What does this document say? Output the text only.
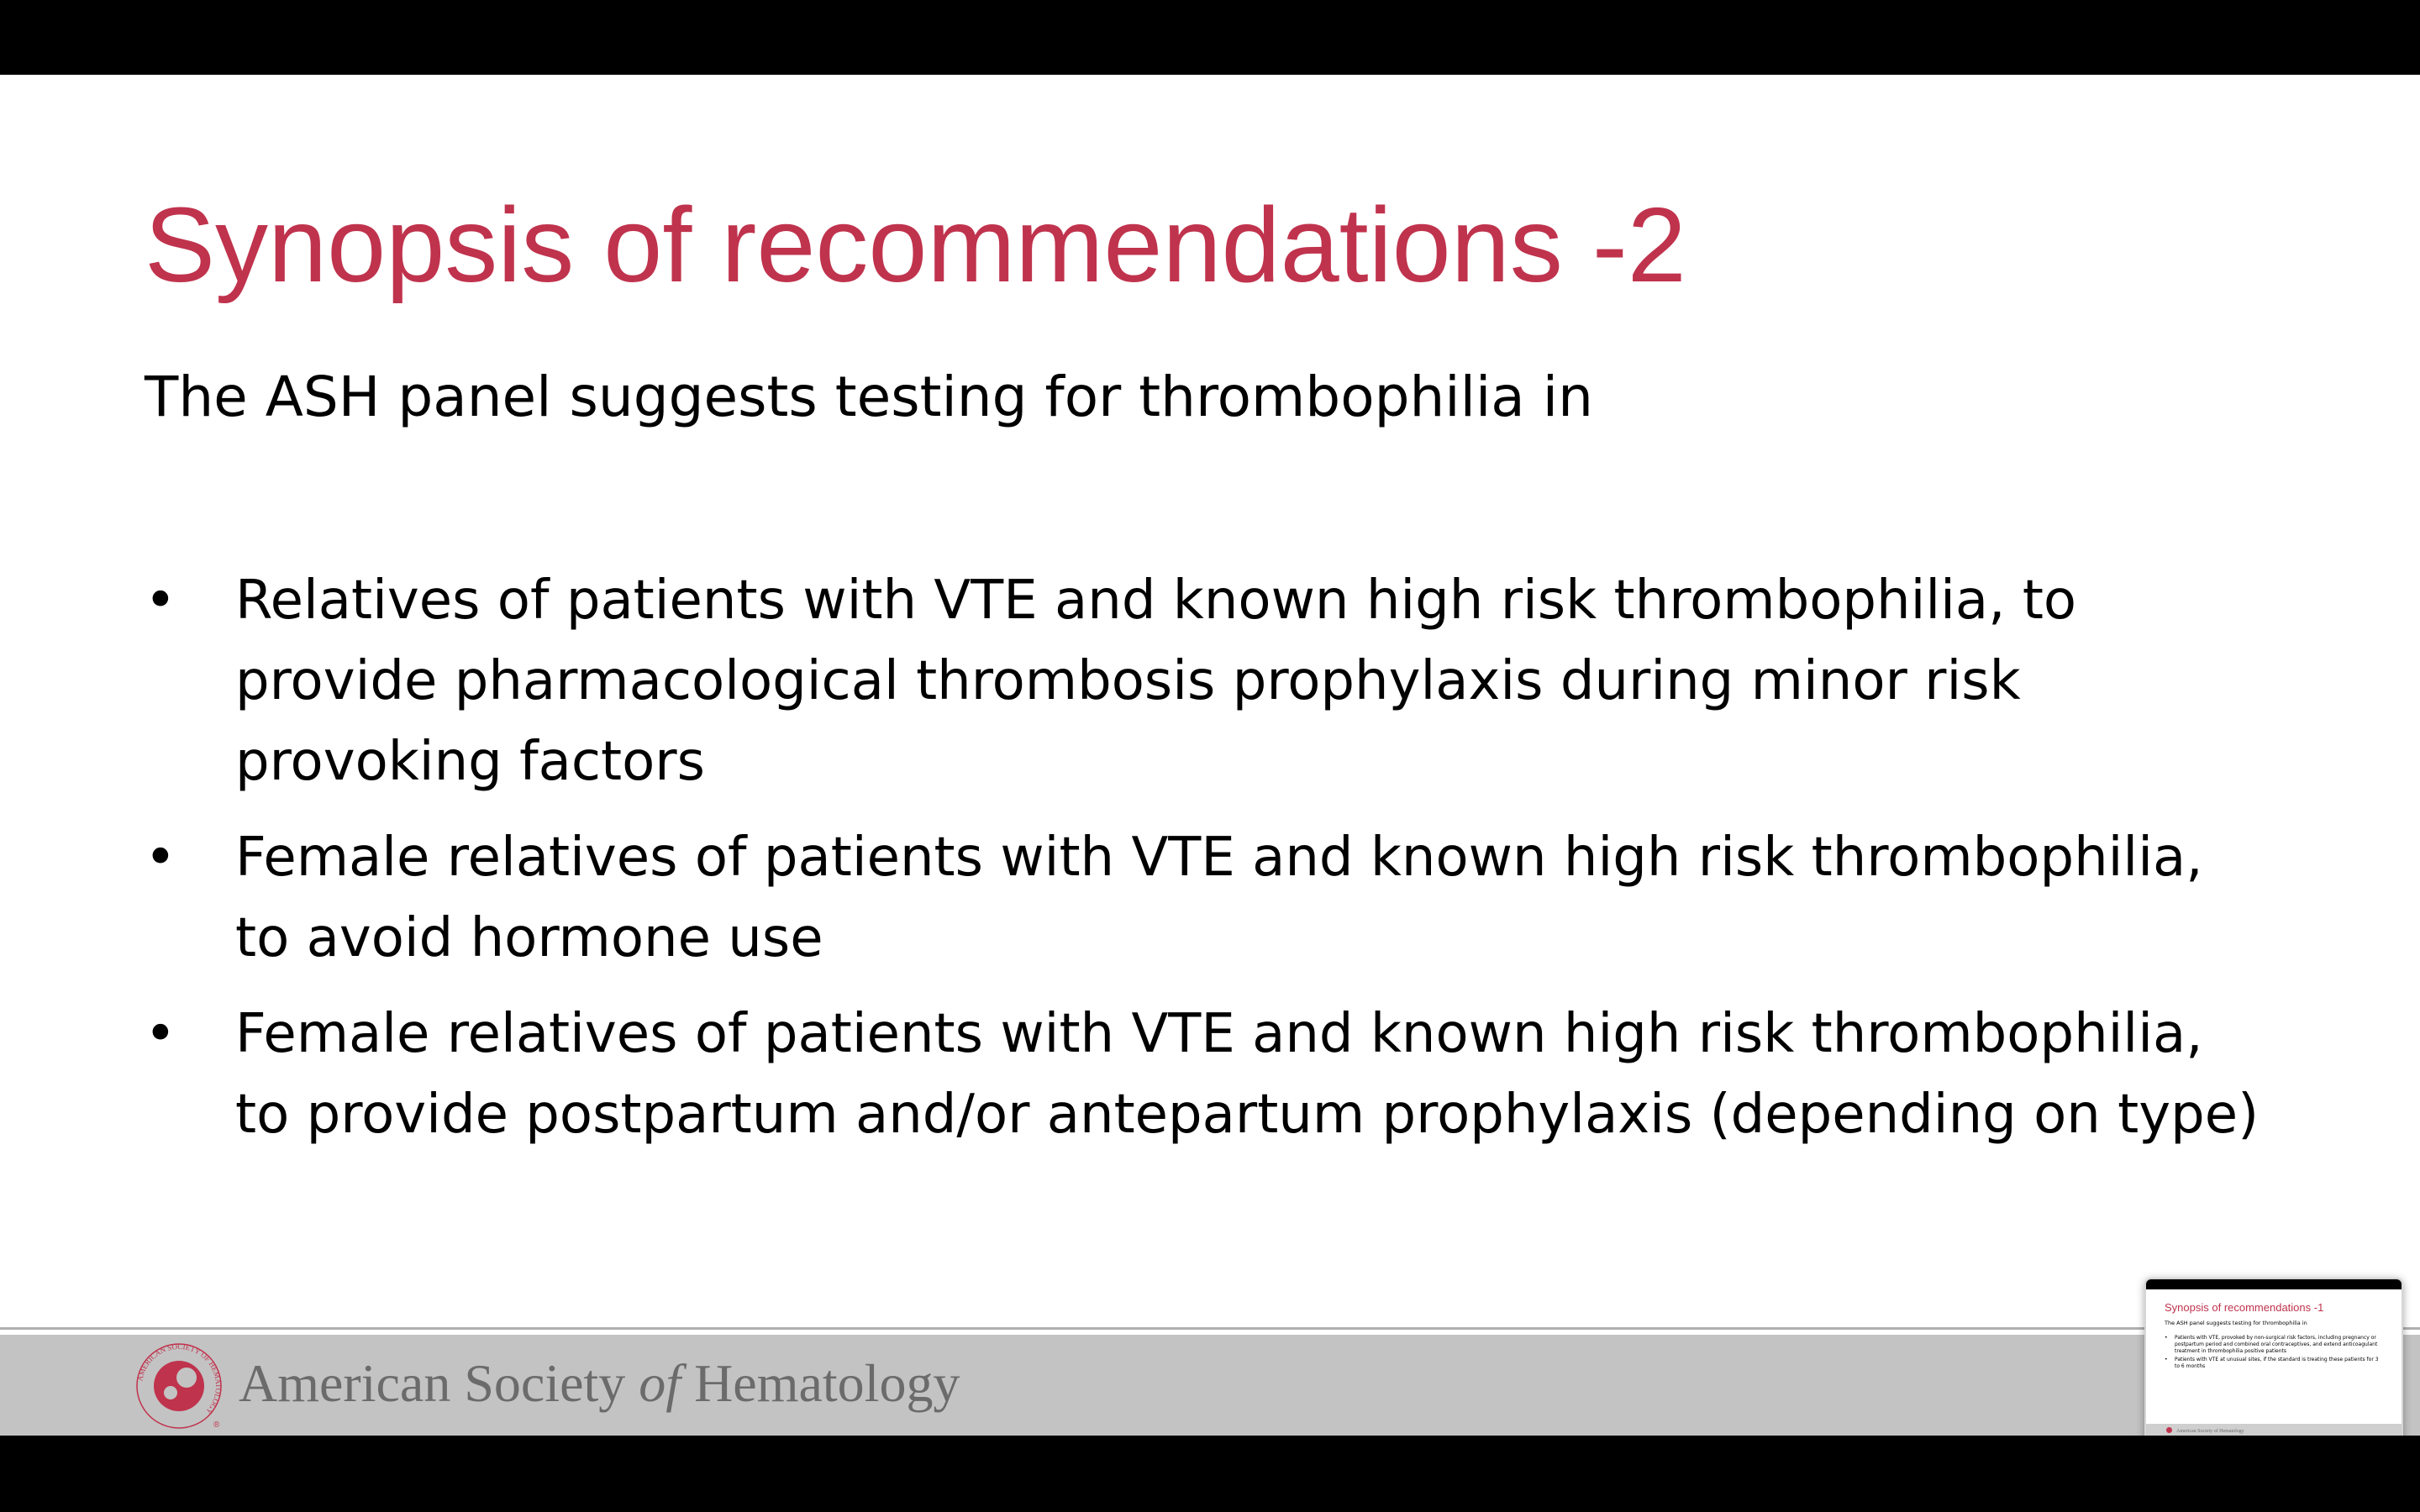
Synopsis of recommendations -2

The ASH panel suggests testing for thrombophilia in

• Relatives of patients with VTE and known high risk thrombophilia, to provide pharmacological thrombosis prophylaxis during minor risk provoking factors
• Female relatives of patients with VTE and known high risk thrombophilia, to avoid hormone use
• Female relatives of patients with VTE and known high risk thrombophilia, to provide postpartum and/or antepartum prophylaxis (depending on type)
AMERICAN SOCIETY OF HEMATOLOGY
®
American Society of Hematology
Synopsis of recommendations -1
The ASH panel suggests testing for thrombophilia in
• Patients with VTE, provoked by non-surgical risk factors, including pregnancy or postpartum period and combined oral contraceptives, and extend anticoagulant treatment in thrombophilia positive patients
• Patients with VTE at unusual sites, if the standard is treating these patients for 3 to 6 months
American Society of Hematology
